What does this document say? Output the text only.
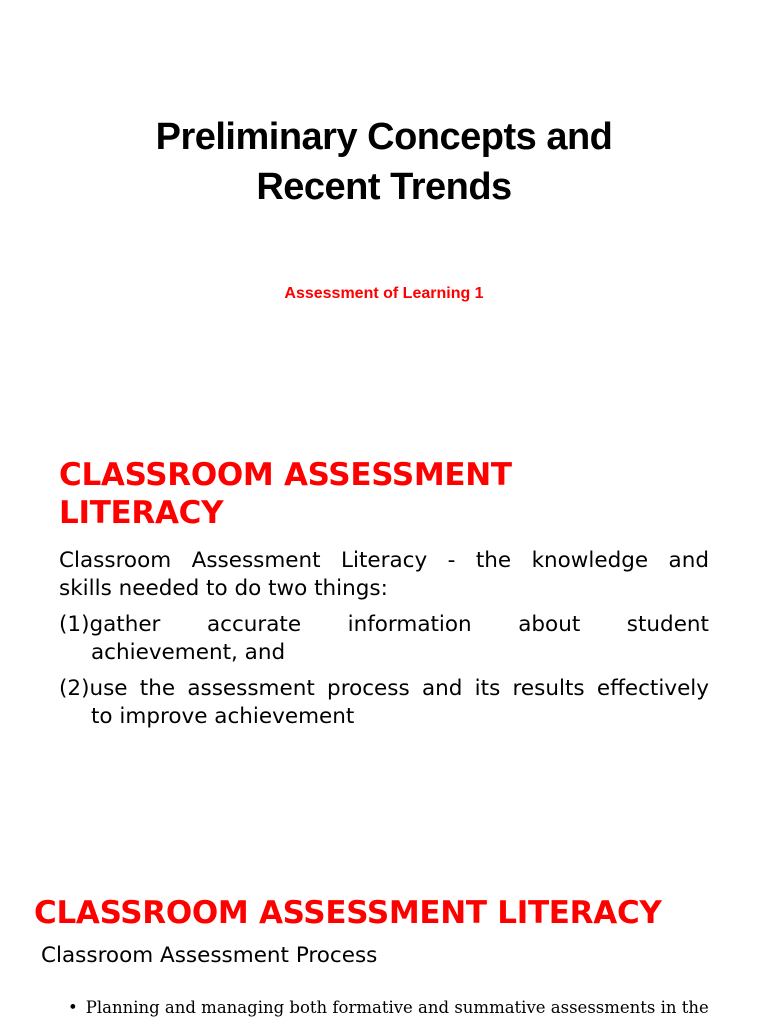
Preliminary Concepts and
Recent Trends
Assessment of Learning 1
CLASSROOM ASSESSMENT
LITERACY

Classroom Assessment Literacy - the knowledge and
skills needed to do two things:

(1)gather accurate information about student
achievement, and
(2)use the assessment process and its results effectively
to improve achievement
CLASSROOM ASSESSMENT LITERACY
Classroom Assessment Process
• Planning and managing both formative and summative assessments in the
